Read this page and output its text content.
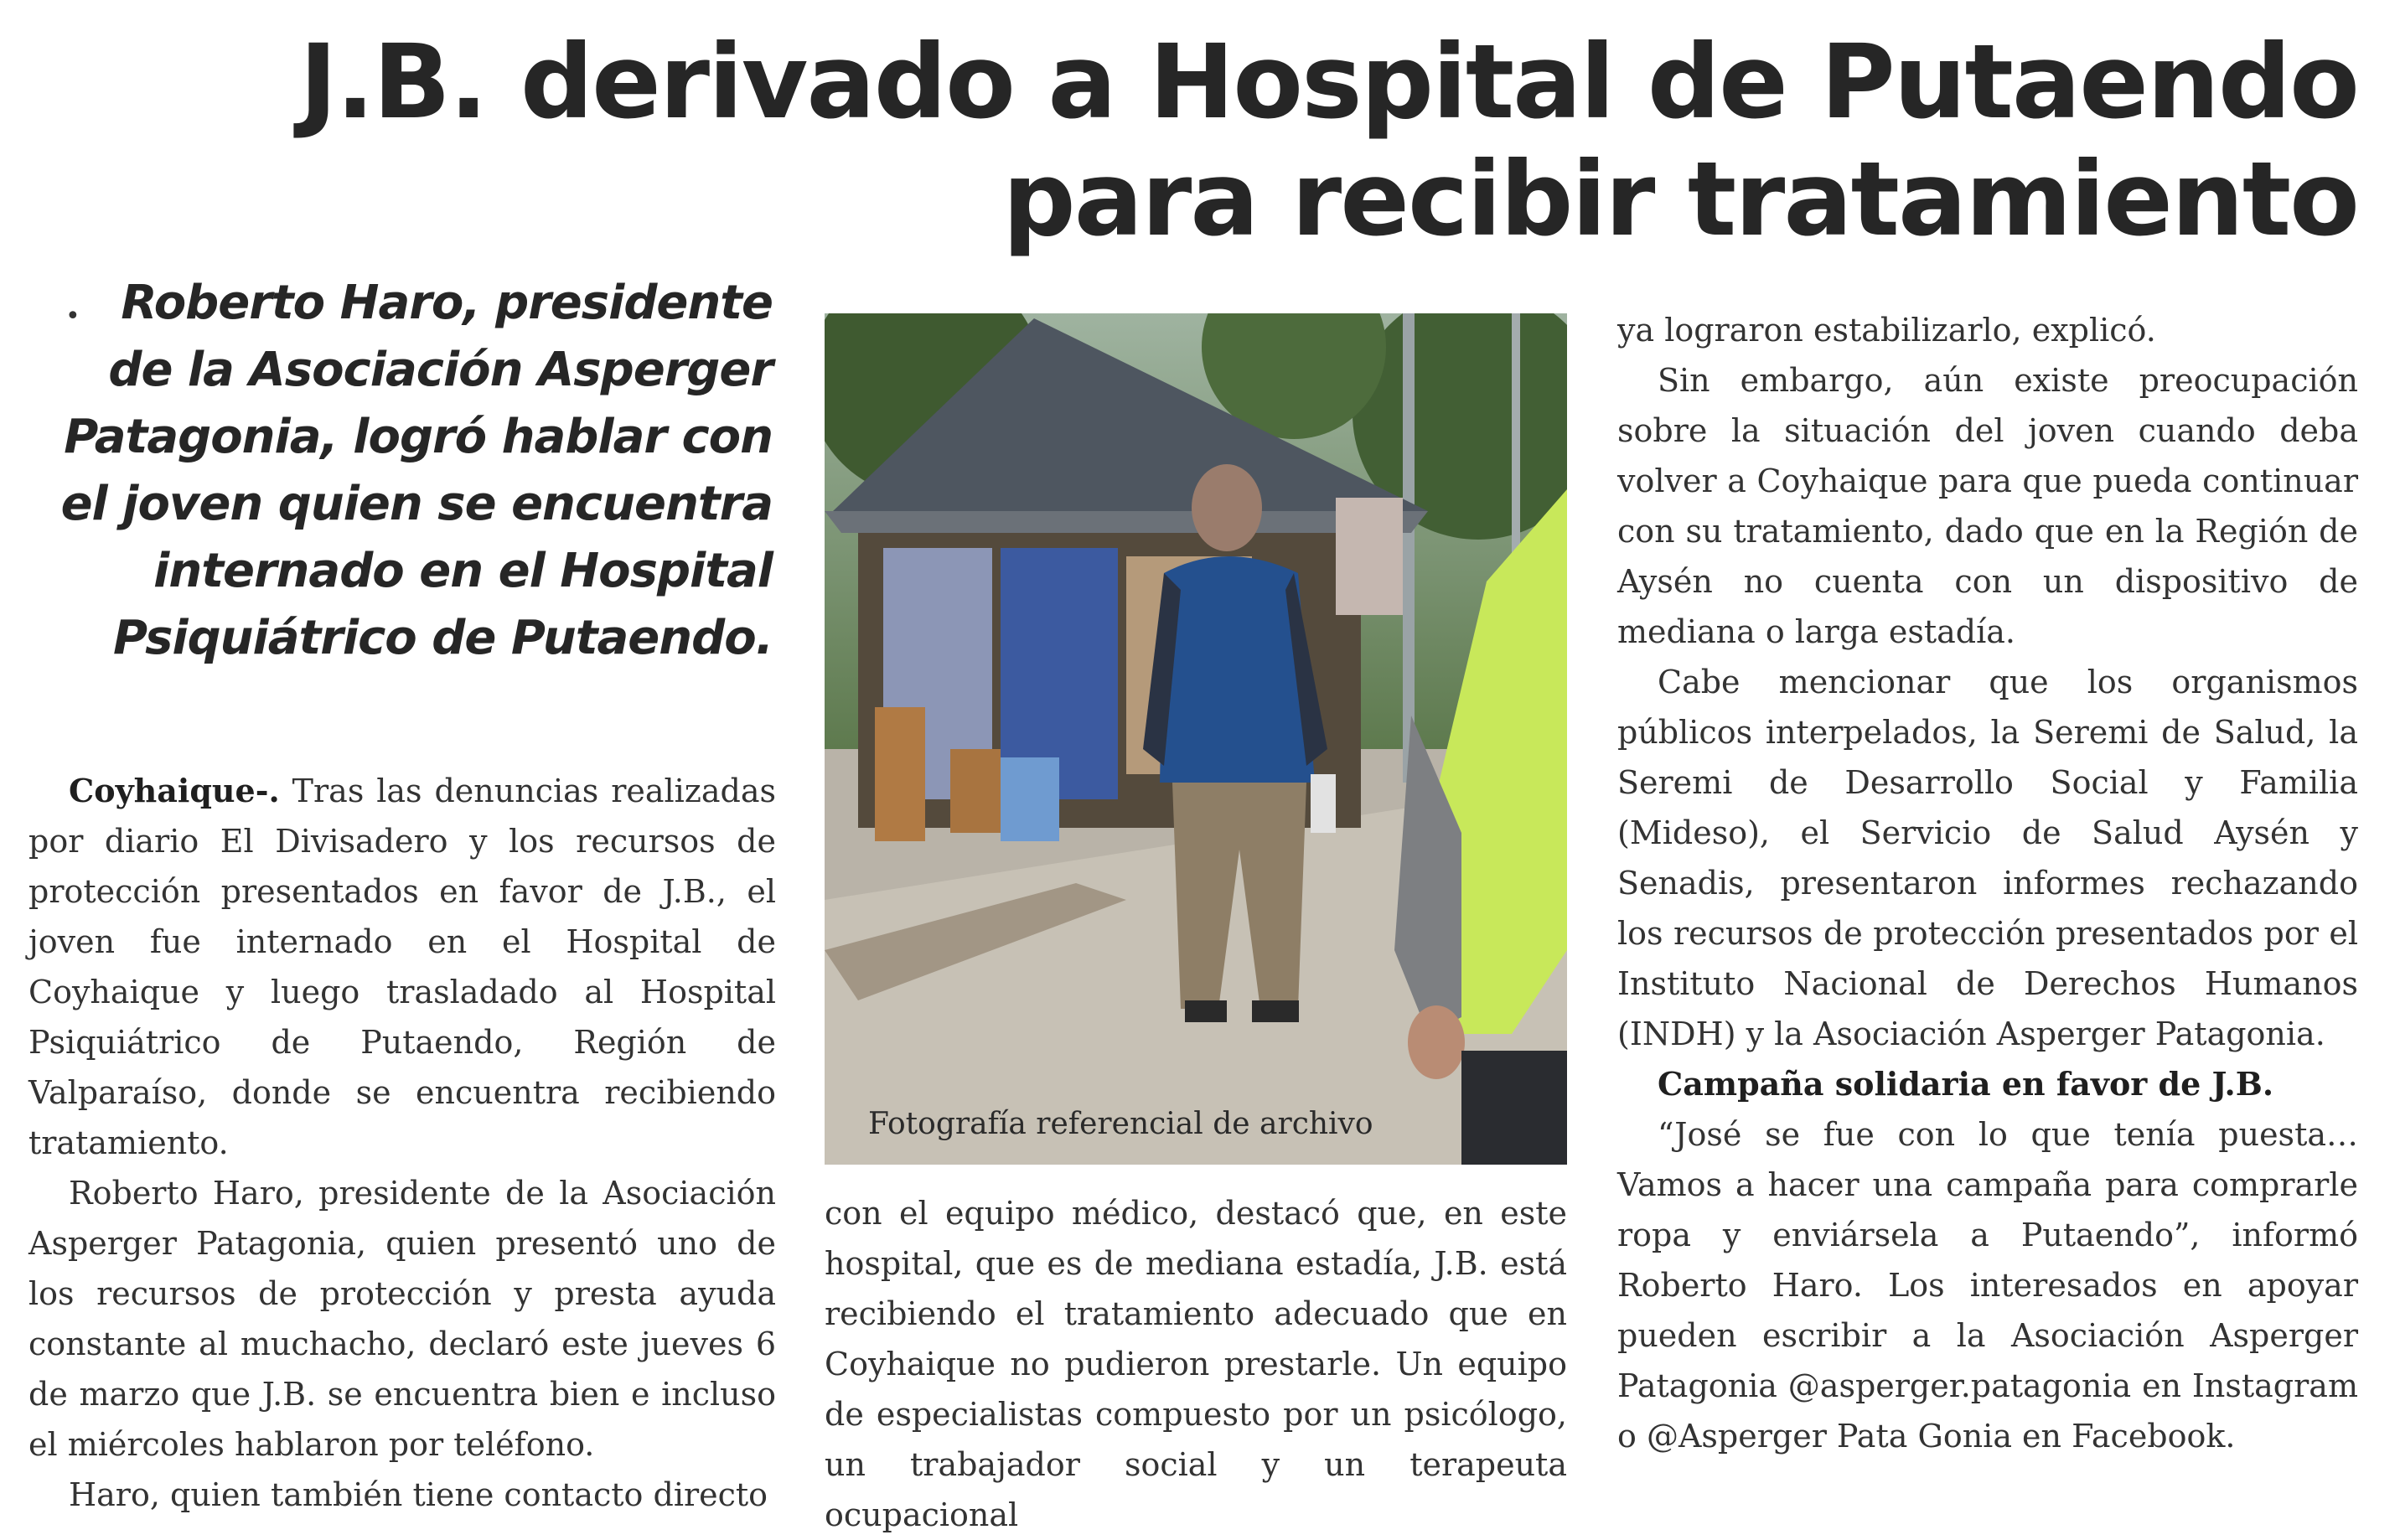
J.B. derivado a Hospital de Putaendo para recibir tratamiento
• Roberto Haro, presidente de la Asociación Asperger Patagonia, logró hablar con el joven quien se encuentra internado en el Hospital Psiquiátrico de Putaendo.

Coyhaique-. Tras las denuncias realizadas por diario El Divisadero y los recursos de protección presentados en favor de J.B., el joven fue internado en el Hospital de Coyhaique y luego trasladado al Hospital Psiquiátrico de Putaendo, Región de Valparaíso, donde se encuentra recibiendo tratamiento.

Roberto Haro, presidente de la Asociación Asperger Patagonia, quien presentó uno de los recursos de protección y presta ayuda constante al muchacho, declaró este jueves 6 de marzo que J.B. se encuentra bien e incluso el miércoles hablaron por teléfono.

Haro, quien también tiene contacto directo

Fotografía referencial de archivo

con el equipo médico, destacó que, en este hospital, que es de mediana estadía, J.B. está recibiendo el tratamiento adecuado que en Coyhaique no pudieron prestarle. Un equipo de especialistas compuesto por un psicólogo, un trabajador social y un terapeuta ocupacional

ya lograron estabilizarlo, explicó.

Sin embargo, aún existe preocupación sobre la situación del joven cuando deba volver a Coyhaique para que pueda continuar con su tratamiento, dado que en la Región de Aysén no cuenta con un dispositivo de mediana o larga estadía.

Cabe mencionar que los organismos públicos interpelados, la Seremi de Salud, la Seremi de Desarrollo Social y Familia (Mideso), el Servicio de Salud Aysén y Senadis, presentaron informes rechazando los recursos de protección presentados por el Instituto Nacional de Derechos Humanos (INDH) y la Asociación Asperger Patagonia.

Campaña solidaria en favor de J.B.

“José se fue con lo que tenía puesta… Vamos a hacer una campaña para comprarle ropa y enviársela a Putaendo”, informó Roberto Haro. Los interesados en apoyar pueden escribir a la Asociación Asperger Patagonia @asperger.patagonia en Instagram o @Asperger Pata Gonia en Facebook.
